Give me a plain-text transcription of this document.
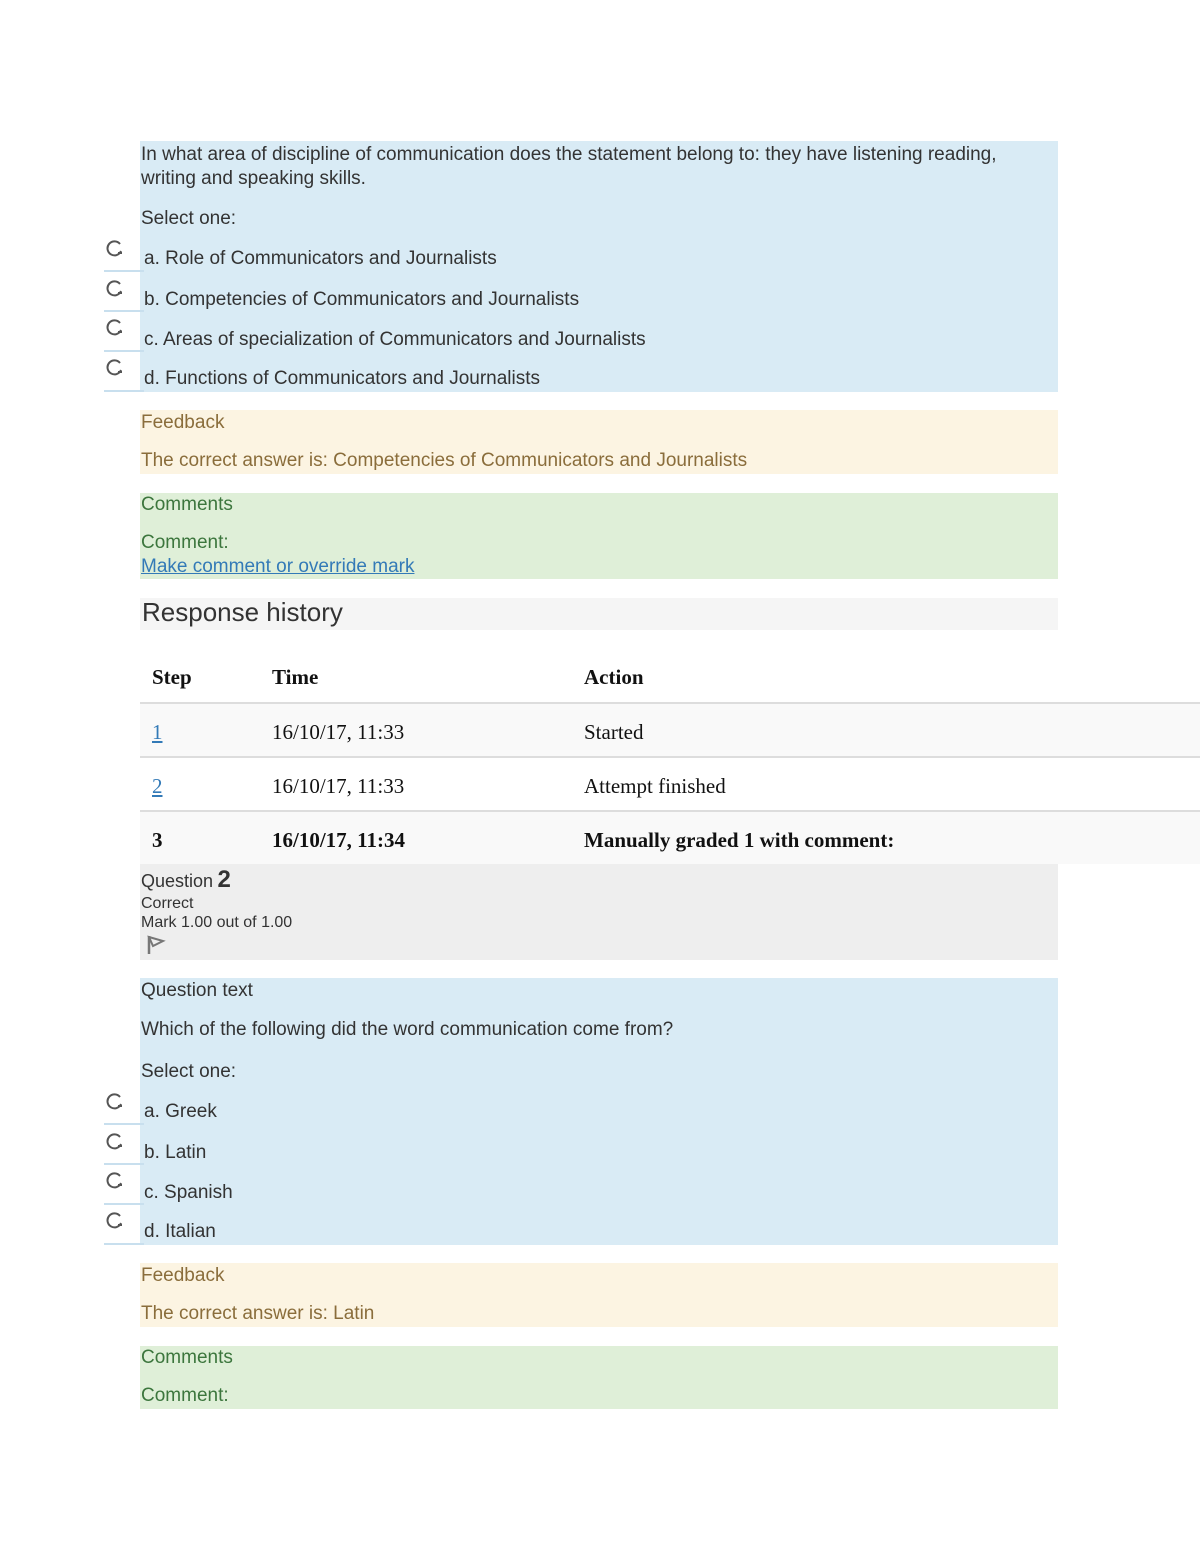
In what area of discipline of communication does the statement belong to: they have listening reading, writing and speaking skills.
Select one:
a. Role of Communicators and Journalists
b. Competencies of Communicators and Journalists
c. Areas of specialization of Communicators and Journalists
d. Functions of Communicators and Journalists
Feedback
The correct answer is: Competencies of Communicators and Journalists
Comments
Comment:
Make comment or override mark
Response history
Step	Time	Action
1	16/10/17, 11:33	Started
2	16/10/17, 11:33	Attempt finished
3	16/10/17, 11:34	Manually graded 1 with comment:
Question 2
Correct
Mark 1.00 out of 1.00
Question text
Which of the following did the word communication come from?
Select one:
a. Greek
b. Latin
c. Spanish
d. Italian
Feedback
The correct answer is: Latin
Comments
Comment:
